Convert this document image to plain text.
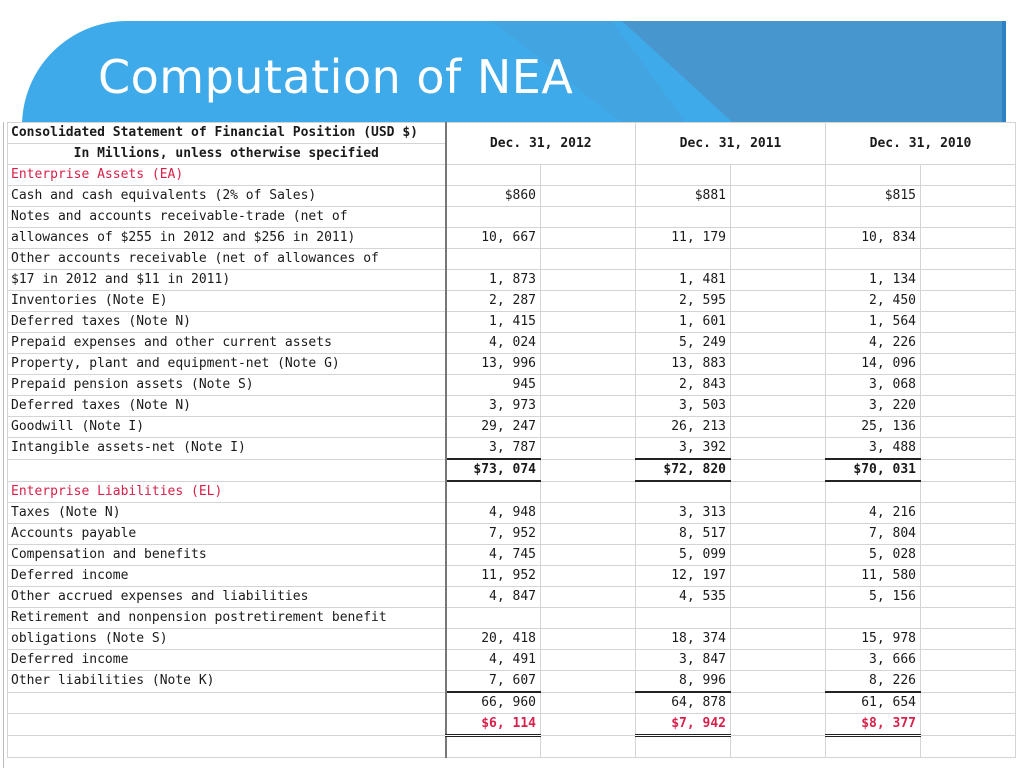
Computation of NEA
Consolidated Statement of Financial Position (USD $)	Dec. 31, 2012		Dec. 31, 2011		Dec. 31, 2010	
In Millions, unless otherwise specified						
Enterprise Assets (EA)						
Cash and cash equivalents (2% of Sales)	$860		$881		$815	
Notes and accounts receivable-trade (net of						
allowances of $255 in 2012 and $256 in 2011)	10, 667		11, 179		10, 834	
Other accounts receivable (net of allowances of						
$17 in 2012 and $11 in 2011)	1, 873		1, 481		1, 134	
Inventories (Note E)	2, 287		2, 595		2, 450	
Deferred taxes (Note N)	1, 415		1, 601		1, 564	
Prepaid expenses and other current assets	4, 024		5, 249		4, 226	
Property, plant and equipment-net (Note G)	13, 996		13, 883		14, 096	
Prepaid pension assets (Note S)	945		2, 843		3, 068	
Deferred taxes (Note N)	3, 973		3, 503		3, 220	
Goodwill (Note I)	29, 247		26, 213		25, 136	
Intangible assets-net (Note I)	3, 787		3, 392		3, 488	
	$73, 074		$72, 820		$70, 031	
Enterprise Liabilities (EL)						
Taxes (Note N)	4, 948		3, 313		4, 216	
Accounts payable	7, 952		8, 517		7, 804	
Compensation and benefits	4, 745		5, 099		5, 028	
Deferred income	11, 952		12, 197		11, 580	
Other accrued expenses and liabilities	4, 847		4, 535		5, 156	
Retirement and nonpension postretirement benefit						
obligations (Note S)	20, 418		18, 374		15, 978	
Deferred income	4, 491		3, 847		3, 666	
Other liabilities (Note K)	7, 607		8, 996		8, 226	
	66, 960		64, 878		61, 654	
	$6, 114		$7, 942		$8, 377	
